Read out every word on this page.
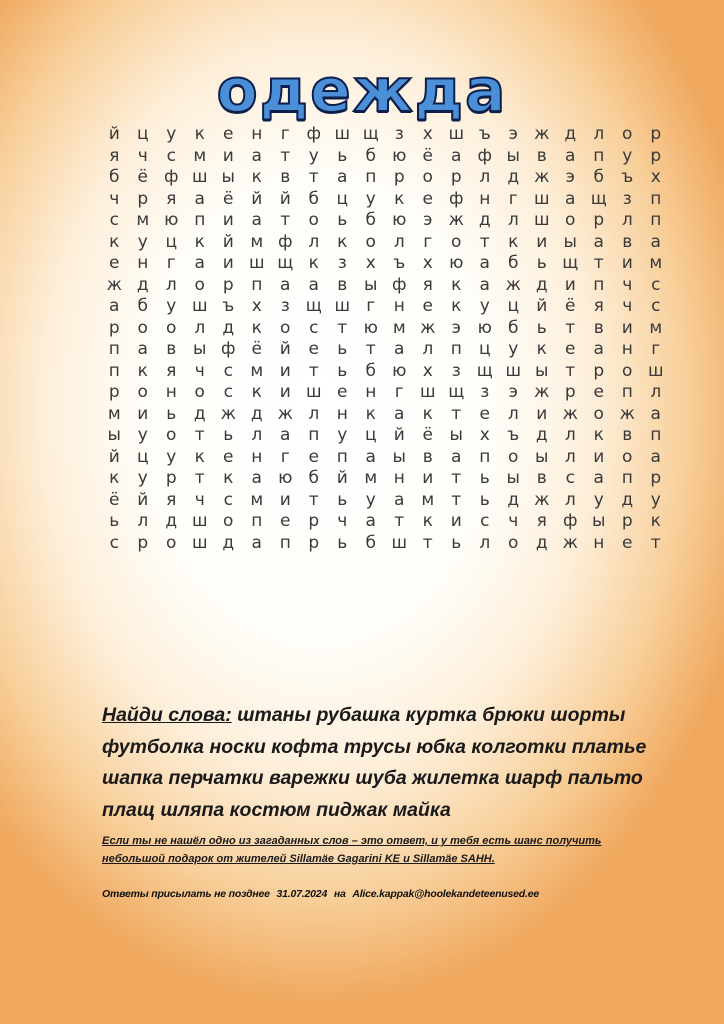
одежда
й	ц	у	к	е	н	г ф ш щ з	х ш ъ	э ж д	л	о	р
я	ч	с	м и	а	т	у	ь	б ю ё	а ф ы в	а	п	у	р
б	ё ф ш ы к	в	т	а	п	р	о	р	л	д ж э	б	ъ	х
ч	р	я	а	ё	й	й	б	ц	у	к	е ф н	г ш а щ з	п
с	м ю п	и	а	т	о	ь	б ю э ж д	л ш о	р	л	п
к	у	ц	к	й м ф л	к	о	л	г	о	т	к	и ы а	в	а
е	н	г	а	и ш щ к	з	х	ъ	х ю а	б	ь щ т	и м
ж д	л	о	р	п	а	а	в ы ф я	к	а ж д	и	п	ч	с
а	б	у ш ъ	х	з щ ш г	н	е	к	у	ц	й	ё	я	ч	с
р	о	о	л	д	к	о	с	т ю м ж э ю б	ь	т	в	и м
п	а	в ы ф ё	й	е	ь	т	а	л	п	ц	у	к	е	а	н	г
п	к	я	ч	с	м и	т	ь	б ю х	з щ ш ы т	р	о ш
р	о	н	о	с	к	и ш е	н	г ш щ з	э ж р	е	п	л
м и	ь	д ж д ж л	н	к	а	к	т	е	л	и ж о ж а
ы у	о	т	ь	л	а	п	у	ц	й	ё ы х	ъ д	л	к	в	п
й	ц	у	к	е	н	г	е	п	а ы в	а	п	о ы л	и	о	а
к	у	р	т	к	а ю б	й м н	и	т	ь ы в	с	а	п	р
ё	й	я	ч	с	м и	т	ь	у	а м	т	ь	д ж л	у	д	у
ь	л	д ш о	п	е	р	ч	а	т	к	и	с	ч	я ф ы р	к
с	р	о ш д	а	п	р	ь	б ш т	ь	л	о	д ж н	е	т
Найди слова: штаны рубашка куртка брюки шорты футболка носки кофта трусы юбка колготки платье шапка перчатки варежки шуба жилетка шарф пальто плащ шляпа костюм пиджак майка
Если ты не нашёл одно из загаданных слов – это ответ, и у тебя есть шанс получить небольшой подарок от жителей Sillamäe Gagarini KE и Sillamäe SAHH.
Ответы присылать не позднее 31.07.2024 на Alice.kappak@hoolekandeteenused.ee
